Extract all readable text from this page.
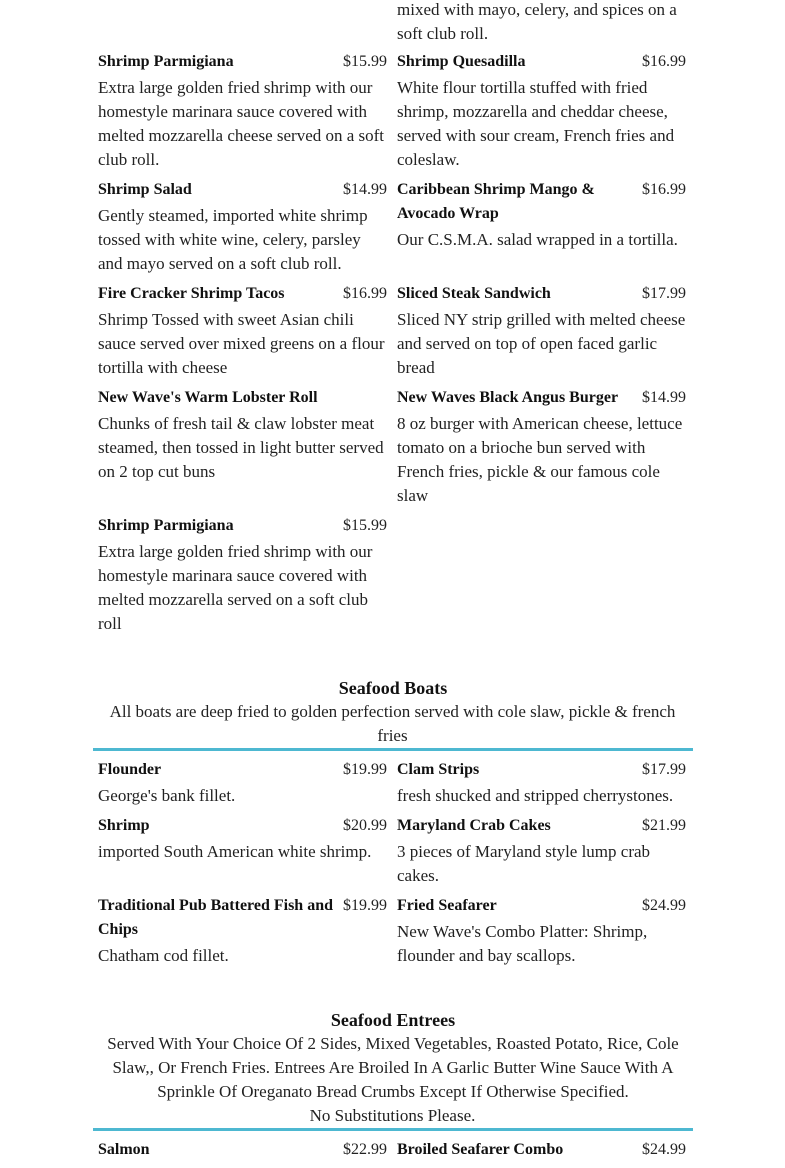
mixed with mayo, celery, and spices on a soft club roll.
Shrimp Parmigiana	$15.99
Extra large golden fried shrimp with our homestyle marinara sauce covered with melted mozzarella cheese served on a soft club roll.
Shrimp Quesadilla	$16.99
White flour tortilla stuffed with fried shrimp, mozzarella and cheddar cheese, served with sour cream, French fries and coleslaw.
Shrimp Salad	$14.99
Gently steamed, imported white shrimp tossed with white wine, celery, parsley and mayo served on a soft club roll.
Caribbean Shrimp Mango & Avocado Wrap
$16.99
Our C.S.M.A. salad wrapped in a tortilla.
Fire Cracker Shrimp Tacos	$16.99
Shrimp Tossed with sweet Asian chili sauce served over mixed greens on a flour tortilla with cheese
Sliced Steak Sandwich	$17.99
Sliced NY strip grilled with melted cheese and served on top of open faced garlic bread
New Wave's Warm Lobster Roll
Chunks of fresh tail & claw lobster meat steamed, then tossed in light butter served on 2 top cut buns
New Waves Black Angus Burger $14.99
8 oz burger with American cheese, lettuce tomato on a brioche bun served with French fries, pickle & our famous cole slaw
Shrimp Parmigiana	$15.99
Extra large golden fried shrimp with our homestyle marinara sauce covered with melted mozzarella served on a soft club roll
Seafood Boats
All boats are deep fried to golden perfection served with cole slaw, pickle & french fries
Flounder	$19.99
George's bank fillet.
Clam Strips	$17.99
fresh shucked and stripped cherrystones.
Shrimp	$20.99
imported South American white shrimp.
Maryland Crab Cakes	$21.99
3 pieces of Maryland style lump crab cakes.
Traditional Pub Battered Fish and Chips
$19.99
Chatham cod fillet.
Fried Seafarer	$24.99
New Wave's Combo Platter: Shrimp, flounder and bay scallops.
Seafood Entrees
Served With Your Choice Of 2 Sides, Mixed Vegetables, Roasted Potato, Rice, Cole Slaw,, Or French Fries. Entrees Are Broiled In A Garlic Butter Wine Sauce With A Sprinkle Of Oreganato Bread Crumbs Except If Otherwise Specified.
No Substitutions Please.
Salmon	$22.99 Broiled Seafarer Combo	$24.99
